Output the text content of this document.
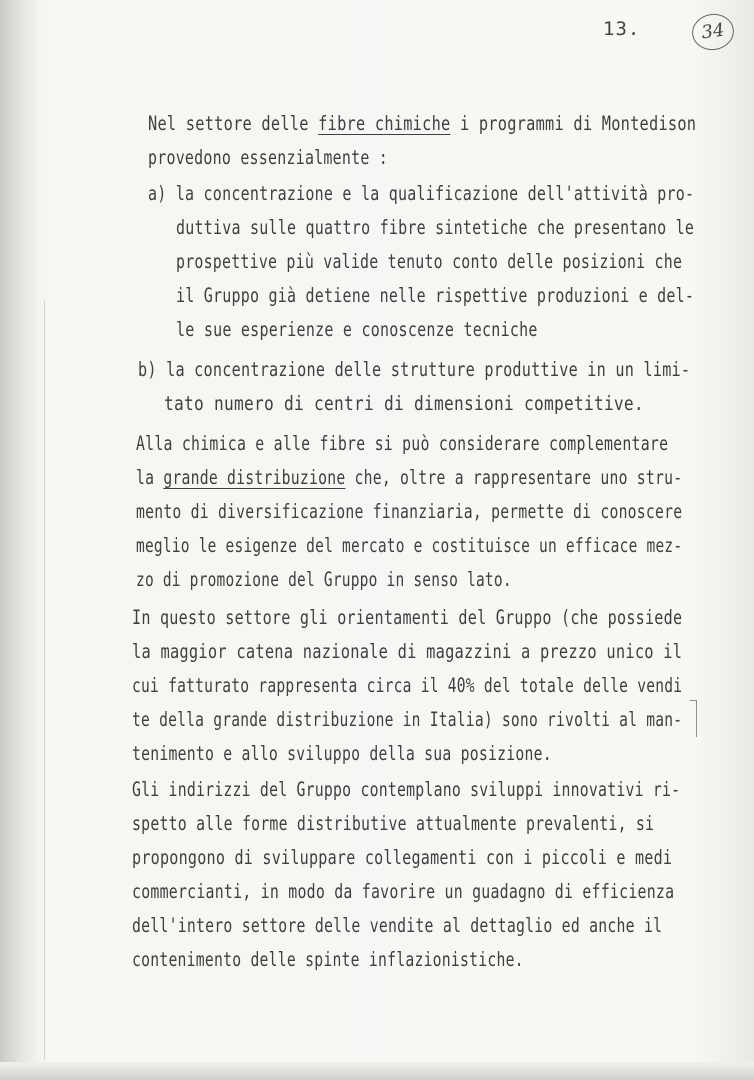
13.	34
Nel settore delle fibre chimiche i programmi di Montedison
provedono essenzialmente :
a) la concentrazione e la qualificazione dell'attività pro-
duttiva sulle quattro fibre sintetiche che presentano le
prospettive più valide tenuto conto delle posizioni che
il Gruppo già detiene nelle rispettive produzioni e del-
le sue esperienze e conoscenze tecniche
b) la concentrazione delle strutture produttive in un limi-
tato numero di centri di dimensioni competitive.
Alla chimica e alle fibre si può considerare complementare
la grande distribuzione che, oltre a rappresentare uno stru-
mento di diversificazione finanziaria, permette di conoscere
meglio le esigenze del mercato e costituisce un efficace mez-
zo di promozione del Gruppo in senso lato.
In questo settore gli orientamenti del Gruppo (che possiede
la maggior catena nazionale di magazzini a prezzo unico il
cui fatturato rappresenta circa il 40% del totale delle vendi
te della grande distribuzione in Italia) sono rivolti al man-
tenimento e allo sviluppo della sua posizione.
Gli indirizzi del Gruppo contemplano sviluppi innovativi ri-
spetto alle forme distributive attualmente prevalenti, si
propongono di sviluppare collegamenti con i piccoli e medi
commercianti, in modo da favorire un guadagno di efficienza
dell'intero settore delle vendite al dettaglio ed anche il
contenimento delle spinte inflazionistiche.
